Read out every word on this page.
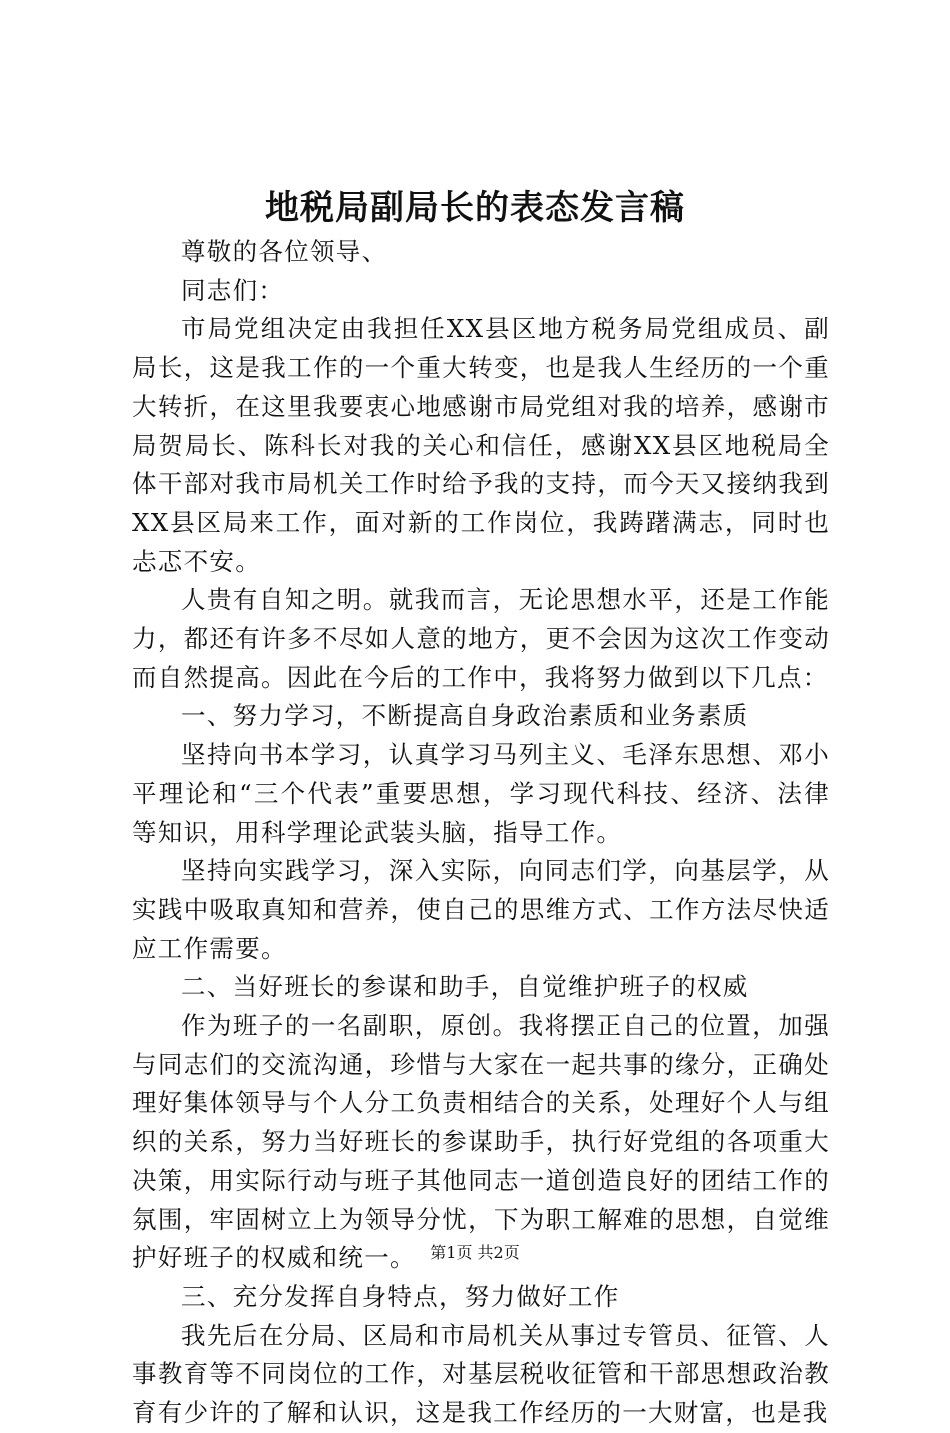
地税局副局长的表态发言稿

尊敬的各位领导、

同志们：

市局党组决定由我担任XX县区地方税务局党组成员、副局长，这是我工作的一个重大转变，也是我人生经历的一个重大转折，在这里我要衷心地感谢市局党组对我的培养，感谢市局贺局长、陈科长对我的关心和信任，感谢XX县区地税局全体干部对我市局机关工作时给予我的支持，而今天又接纳我到XX县区局来工作，面对新的工作岗位，我踌躇满志，同时也忐忑不安。

人贵有自知之明。就我而言，无论思想水平，还是工作能力，都还有许多不尽如人意的地方，更不会因为这次工作变动而自然提高。因此在今后的工作中，我将努力做到以下几点：

一、努力学习，不断提高自身政治素质和业务素质

坚持向书本学习，认真学习马列主义、毛泽东思想、邓小平理论和“三个代表”重要思想，学习现代科技、经济、法律等知识，用科学理论武装头脑，指导工作。

坚持向实践学习，深入实际，向同志们学，向基层学，从实践中吸取真知和营养，使自己的思维方式、工作方法尽快适应工作需要。

二、当好班长的参谋和助手，自觉维护班子的权威

作为班子的一名副职，原创。我将摆正自己的位置，加强与同志们的交流沟通，珍惜与大家在一起共事的缘分，正确处理好集体领导与个人分工负责相结合的关系，处理好个人与组织的关系，努力当好班长的参谋助手，执行好党组的各项重大决策，用实际行动与班子其他同志一道创造良好的团结工作的氛围，牢固树立上为领导分忧，下为职工解难的思想，自觉维护好班子的权威和统一。

三、充分发挥自身特点，努力做好工作

我先后在分局、区局和市局机关从事过专管员、征管、人事教育等不同岗位的工作，对基层税收征管和干部思想政治教育有少许的了解和认识，这是我工作经历的一大财富，也是我

第1页 共2页
